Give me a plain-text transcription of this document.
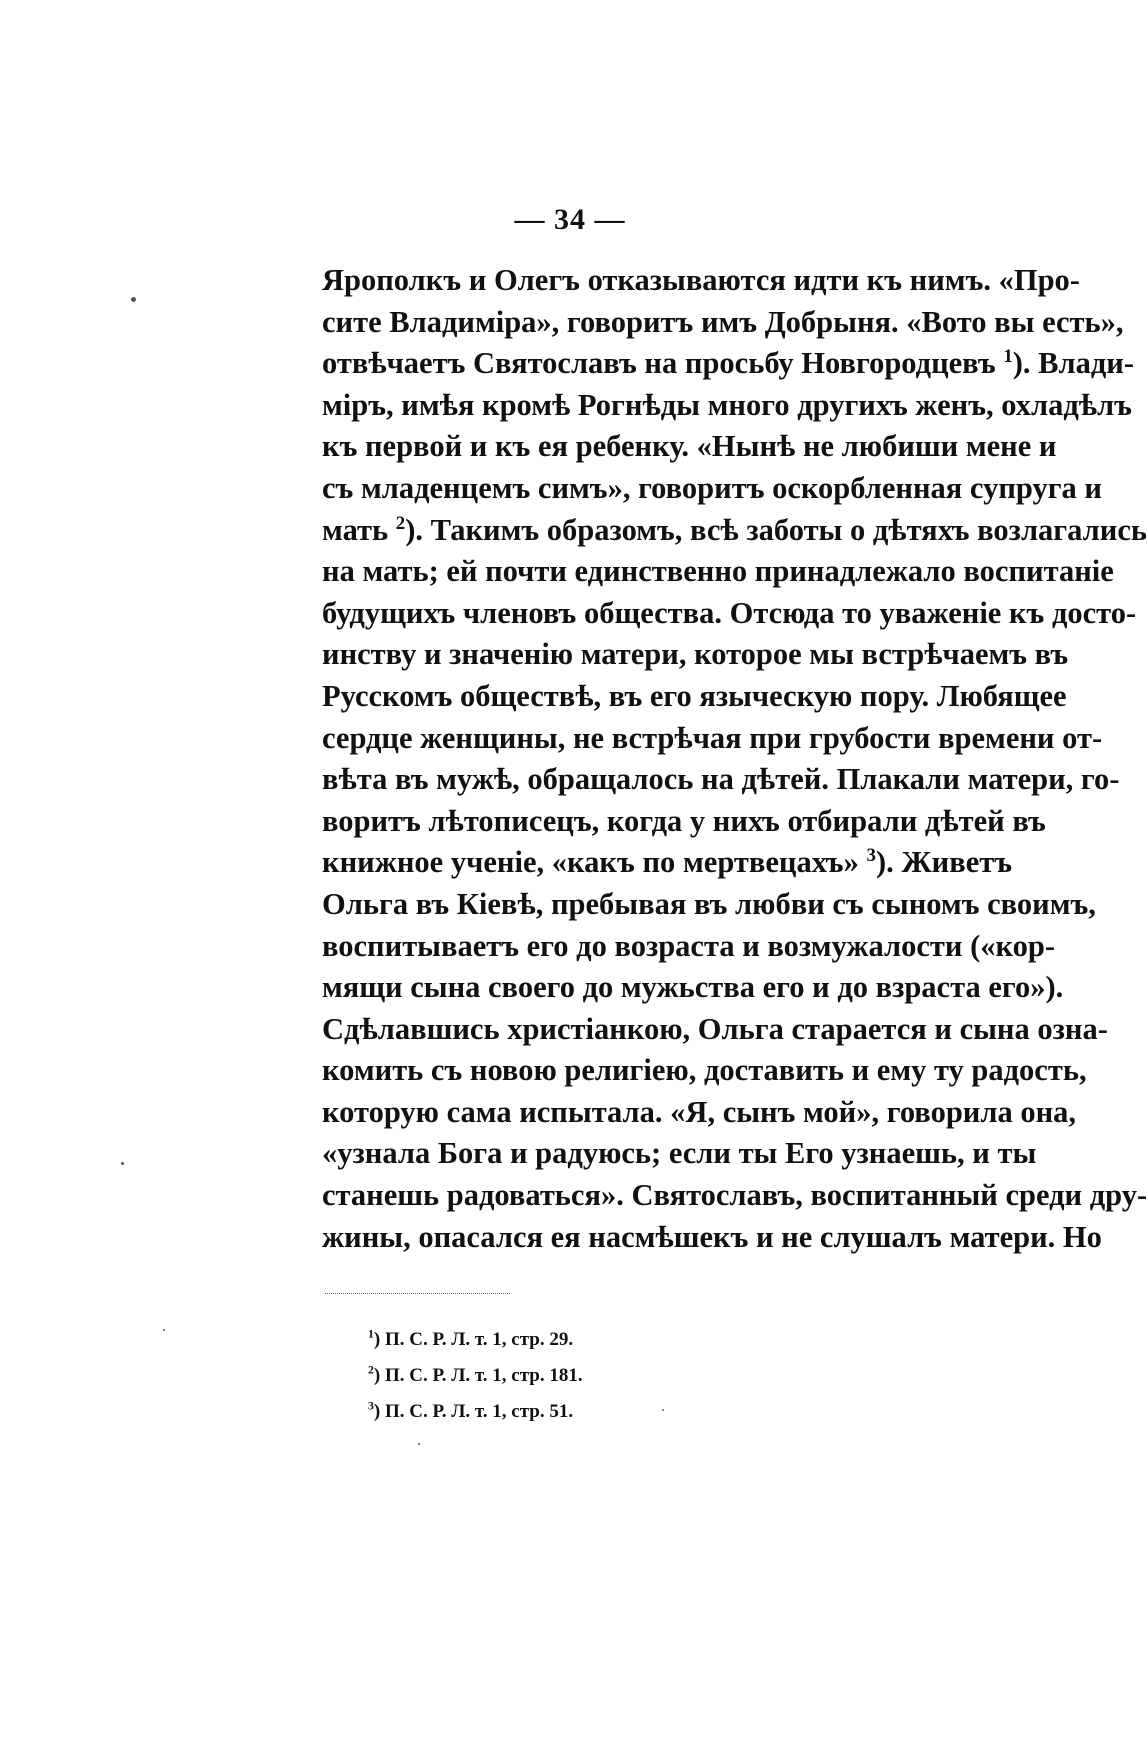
— 34 —
Ярополкъ и Олегъ отказываются идти къ нимъ. «Про-
сите Владиміра», говоритъ имъ Добрыня. «Вото вы есть»,
отвѣчаетъ Святославъ на просьбу Новгородцевъ $^1$). Влади-
міръ, имѣя кромѣ Рогнѣды много другихъ женъ, охладѣлъ
къ первой и къ ея ребенку. «Нынѣ не любиши мене и
съ младенцемъ симъ», говоритъ оскорбленная супруга и
мать $^2$). Такимъ образомъ, всѣ заботы о дѣтяхъ возлагались
на мать; ей почти единственно принадлежало воспитаніе
будущихъ членовъ общества. Отсюда то уваженіе къ досто-
инству и значенію матери, которое мы встрѣчаемъ въ
Русскомъ обществѣ, въ его языческую пору. Любящее
сердце женщины, не встрѣчая при грубости времени от-
вѣта въ мужѣ, обращалось на дѣтей. Плакали матери, го-
воритъ лѣтописецъ, когда у нихъ отбирали дѣтей въ
книжное ученіе, «какъ по мертвецахъ» $^3$). Живетъ
Ольга въ Кіевѣ, пребывая въ любви съ сыномъ своимъ,
воспитываетъ его до возраста и возмужалости («кор-
мящи сына своего до мужьства его и до взраста его»).
Сдѣлавшись христіанкою, Ольга старается и сына озна-
комить съ новою религіею, доставить и ему ту радость,
которую сама испытала. «Я, сынъ мой», говорила она,
«узнала Бога и радуюсь; если ты Его узнаешь, и ты
станешь радоваться». Святославъ, воспитанный среди дру-
жины, опасался ея насмѣшекъ и не слушалъ матери. Но
$^1$) П. С. Р. Л. т. 1, стр. 29.
$^2$) П. С. Р. Л. т. 1, стр. 181.
$^3$) П. С. Р. Л. т. 1, стр. 51.
